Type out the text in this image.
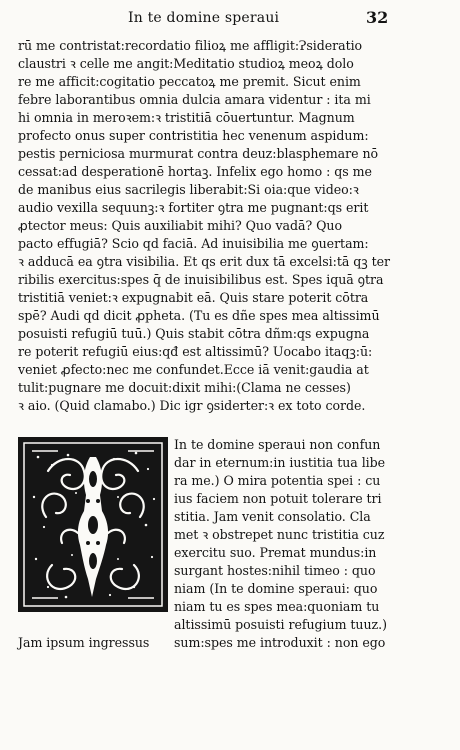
In te domine speraui	32
rū me contristat:recordatio filioꝝ me affligit:Ɂsideratio
claustri ꝛ celle me angit:Meditatio studioꝝ meoꝝ dolo
re me afficit:cogitatio peccatoꝝ me premit. Sicut enim
febre laborantibus omnia dulcia amara videntur : ita mi
hi omnia in meroꝛem:ꝛ tristitiā cōuertuntur. Magnum
profecto onus super contristitia hec venenum aspidum:
pestis perniciosa murmurat contra deuz:blasphemare nō
cessat:ad desperationē hortaꝫ. Infelix ego homo : qs me
de manibus eius sacrilegis liberabit:Si oia:que video:ꝛ
audio vexilla sequunꝫ:ꝛ fortiter ꝯtra me pugnant:qs erit
ꝓtector meus: Quis auxiliabit mihi? Quo vadā? Quo
pacto effugiā? Scio qd faciā. Ad inuisibilia me ꝯuertam:
ꝛ adducā ea ꝯtra visibilia. Et qs erit dux tā excelsi:tā qꝫ ter
ribilis exercitus:spes q̄ de inuisibilibus est. Spes iquā ꝯtra
tristitiā veniet:ꝛ expugnabit eā. Quis stare poterit cōtra
spē? Audi qd dicit ꝓpheta. (Tu es dñe spes mea altissimū
posuisti refugiū tuū.) Quis stabit cōtra dñm:qs expugna
re poterit refugiū eius:qđ est altissimū? Uocabo itaqꝫ:ū:
veniet ꝓfecto:nec me confundet.Ecce iā venit:gaudia at
tulit:pugnare me docuit:dixit mihi:(Clama ne cesses)
ꝛ aio. (Quid clamabo.) Dic igr ꝯsiderter:ꝛ ex toto corde.
In te domine speraui non confun
dar in eternum:in iustitia tua libe
ra me.) O mira potentia spei : cu
ius faciem non potuit tolerare tri
stitia. Jam venit consolatio. Cla
met ꝛ obstrepet nunc tristitia cuz
exercitu suo. Premat mundus:in
surgant hostes:nihil timeo : quo
niam (In te domine speraui: quo
niam tu es spes mea:quoniam tu
altissimū posuisti refugium tuuz.)
sum:spes me introduxit : non ego
Jam ipsum ingressus
